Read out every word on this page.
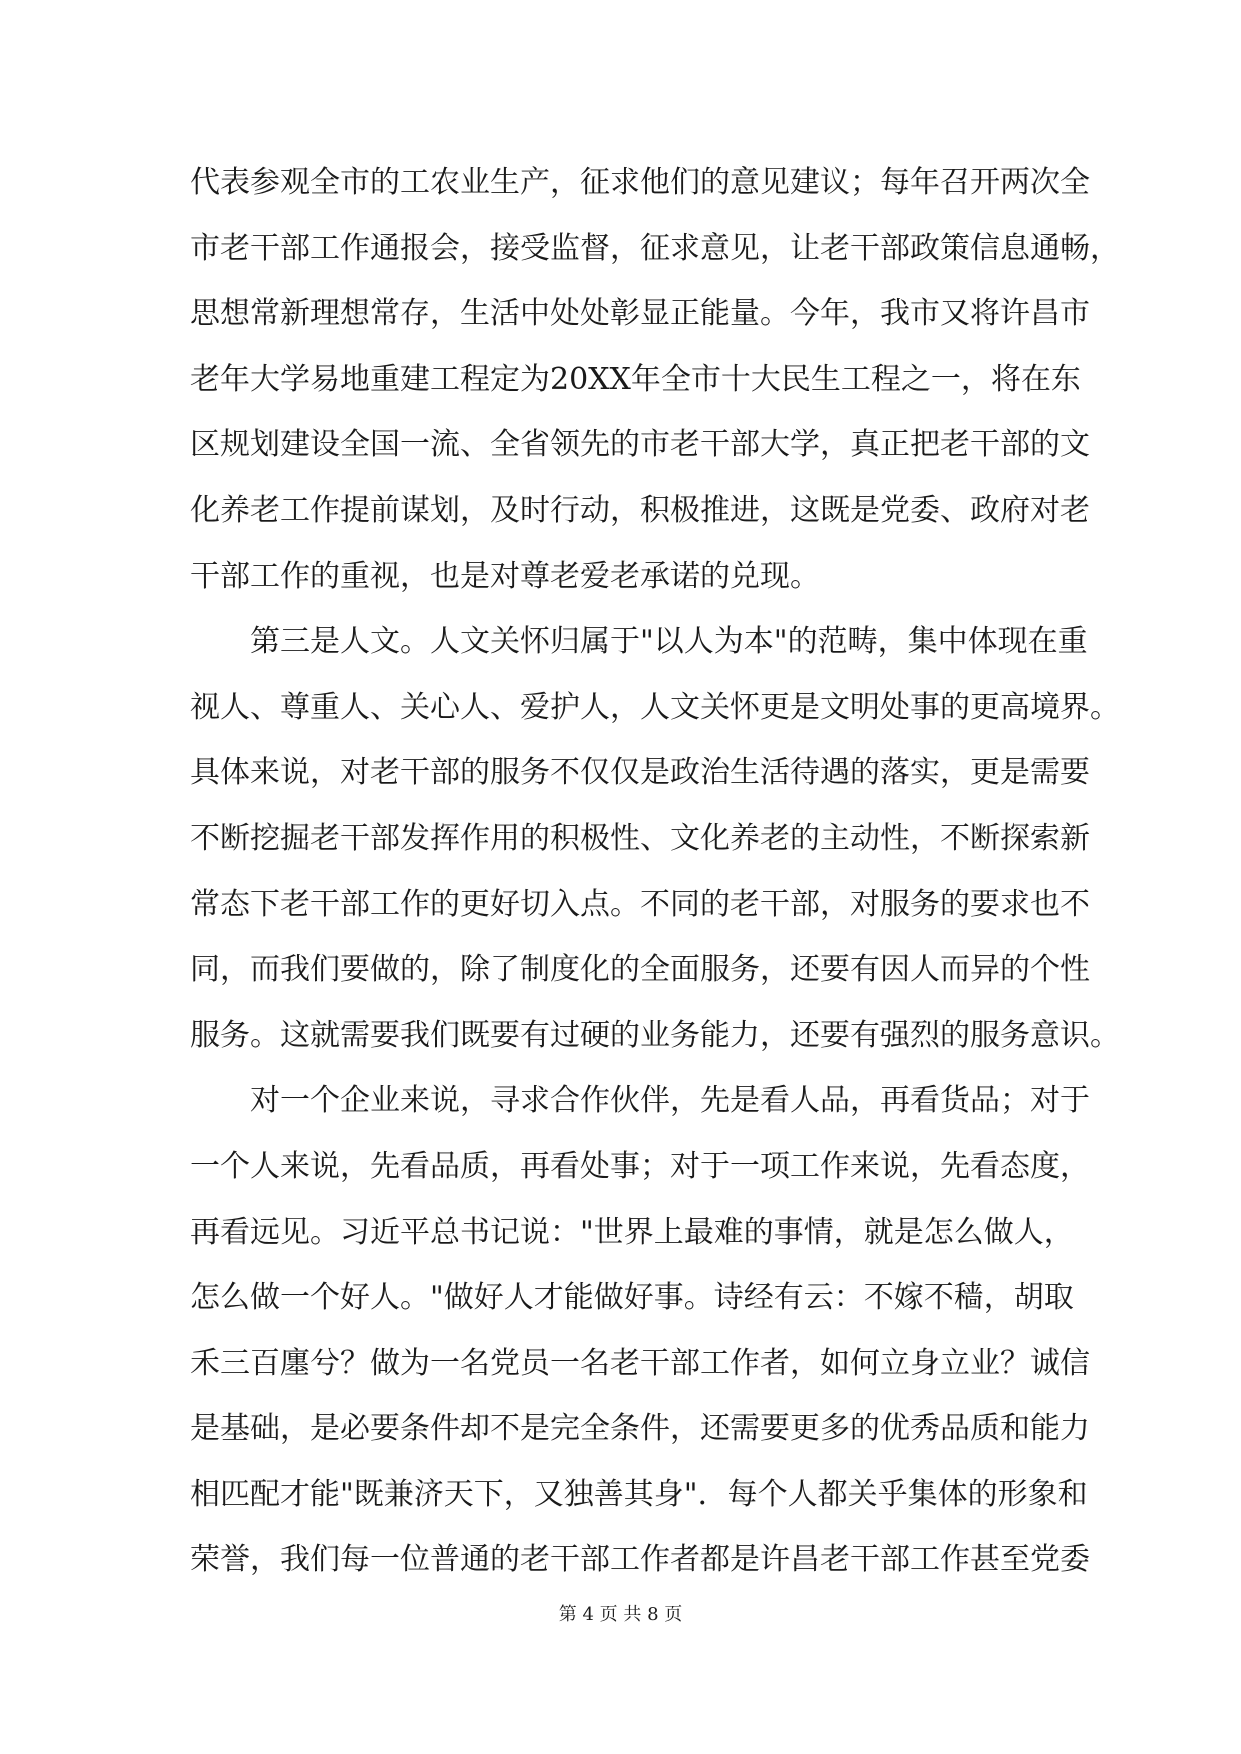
代表参观全市的工农业生产，征求他们的意见建议；每年召开两次全
市老干部工作通报会，接受监督，征求意见，让老干部政策信息通畅，
思想常新理想常存，生活中处处彰显正能量。今年，我市又将许昌市
老年大学易地重建工程定为20XX年全市十大民生工程之一，将在东
区规划建设全国一流、全省领先的市老干部大学，真正把老干部的文
化养老工作提前谋划，及时行动，积极推进，这既是党委、政府对老
干部工作的重视，也是对尊老爱老承诺的兑现。
　　第三是人文。人文关怀归属于"以人为本"的范畴，集中体现在重
视人、尊重人、关心人、爱护人，人文关怀更是文明处事的更高境界。
具体来说，对老干部的服务不仅仅是政治生活待遇的落实，更是需要
不断挖掘老干部发挥作用的积极性、文化养老的主动性，不断探索新
常态下老干部工作的更好切入点。不同的老干部，对服务的要求也不
同，而我们要做的，除了制度化的全面服务，还要有因人而异的个性
服务。这就需要我们既要有过硬的业务能力，还要有强烈的服务意识。
　　对一个企业来说，寻求合作伙伴，先是看人品，再看货品；对于
一个人来说，先看品质，再看处事；对于一项工作来说，先看态度，
再看远见。习近平总书记说："世界上最难的事情，就是怎么做人，
怎么做一个好人。"做好人才能做好事。诗经有云：不嫁不穑，胡取
禾三百廛兮？做为一名党员一名老干部工作者，如何立身立业？诚信
是基础，是必要条件却不是完全条件，还需要更多的优秀品质和能力
相匹配才能"既兼济天下，又独善其身"．每个人都关乎集体的形象和
荣誉，我们每一位普通的老干部工作者都是许昌老干部工作甚至党委
第 4 页 共 8 页
